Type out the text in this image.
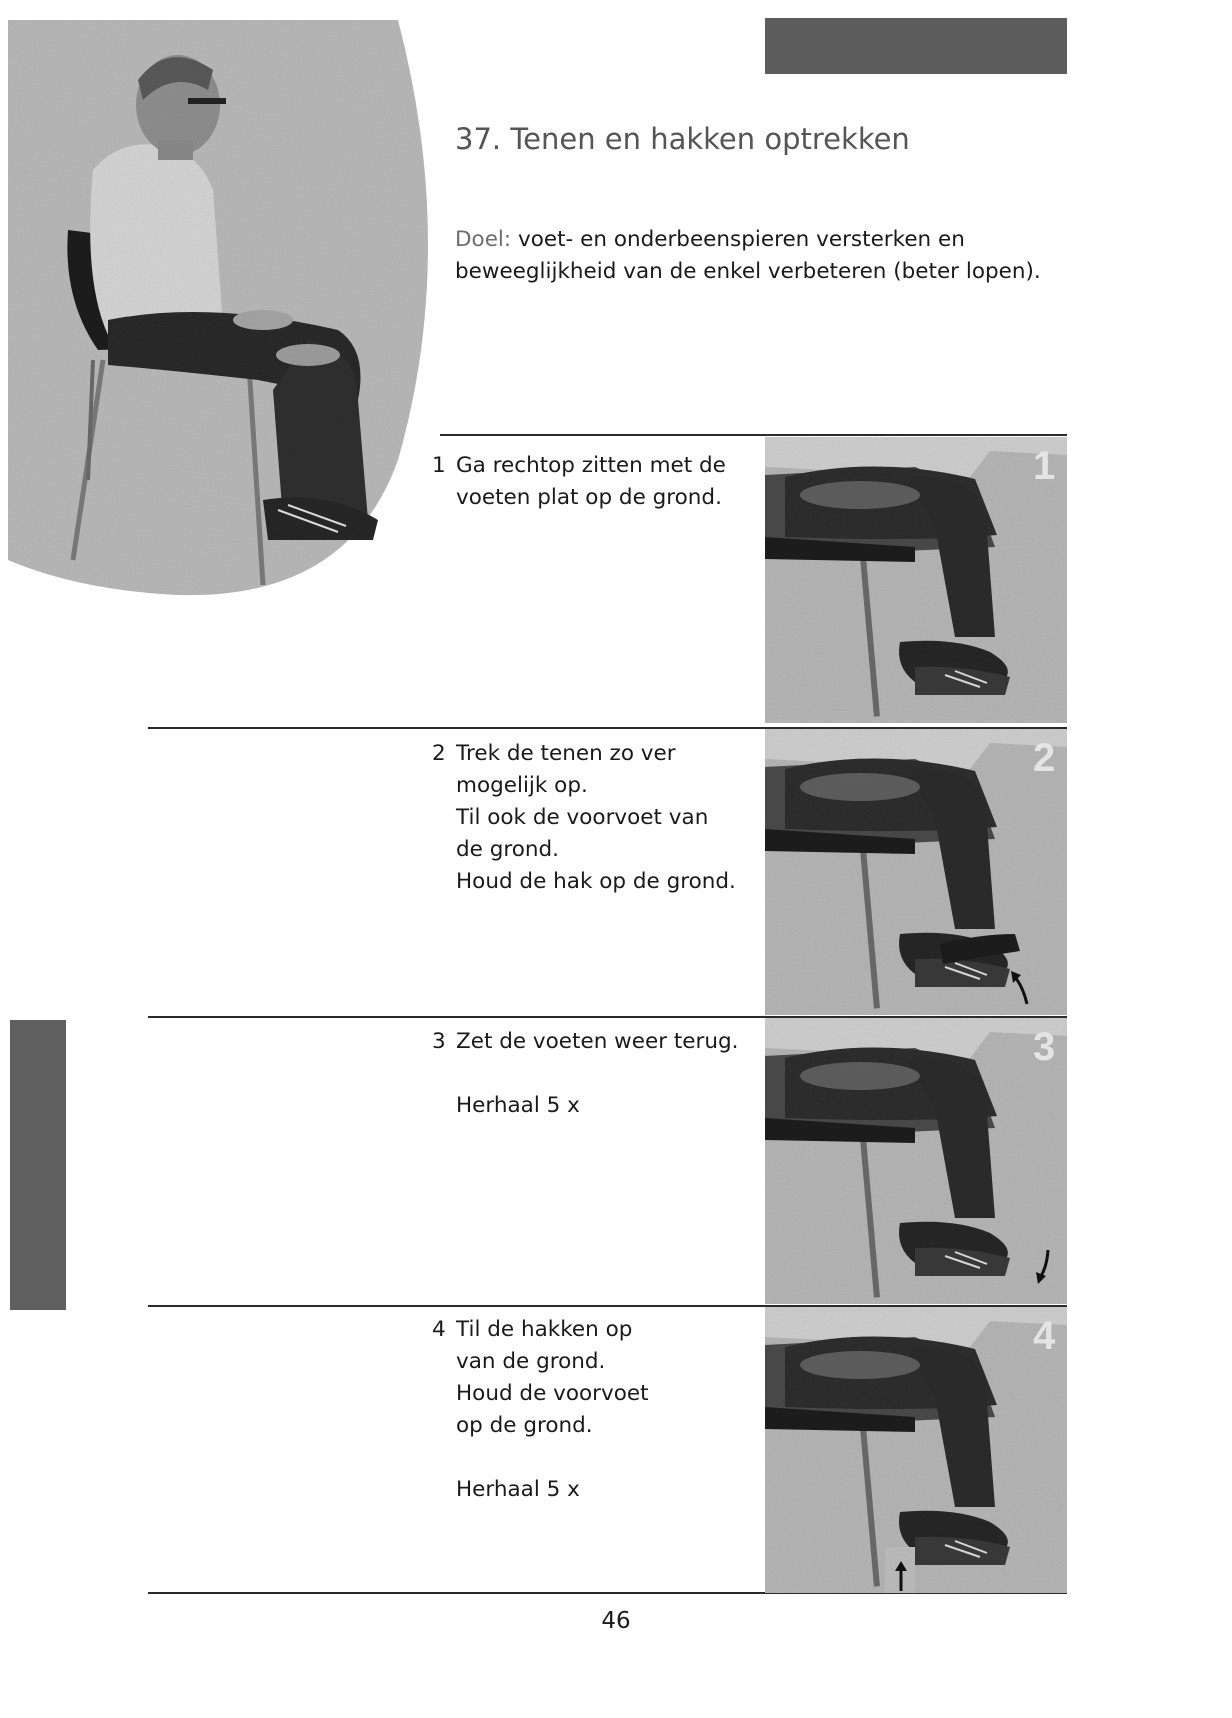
37. Tenen en hakken optrekken
Doel: voet- en onderbeenspieren versterken en
beweeglijkheid van de enkel verbeteren (beter lopen).
1 Ga rechtop zitten met de
voeten plat op de grond.
1
2 Trek de tenen zo ver
mogelijk op.
Til ook de voorvoet van
de grond.
Houd de hak op de grond.
2
3 Zet de voeten weer terug.
Herhaal 5 x
3
4 Til de hakken op
van de grond.
Houd de voorvoet
op de grond.
Herhaal 5 x
4
46
